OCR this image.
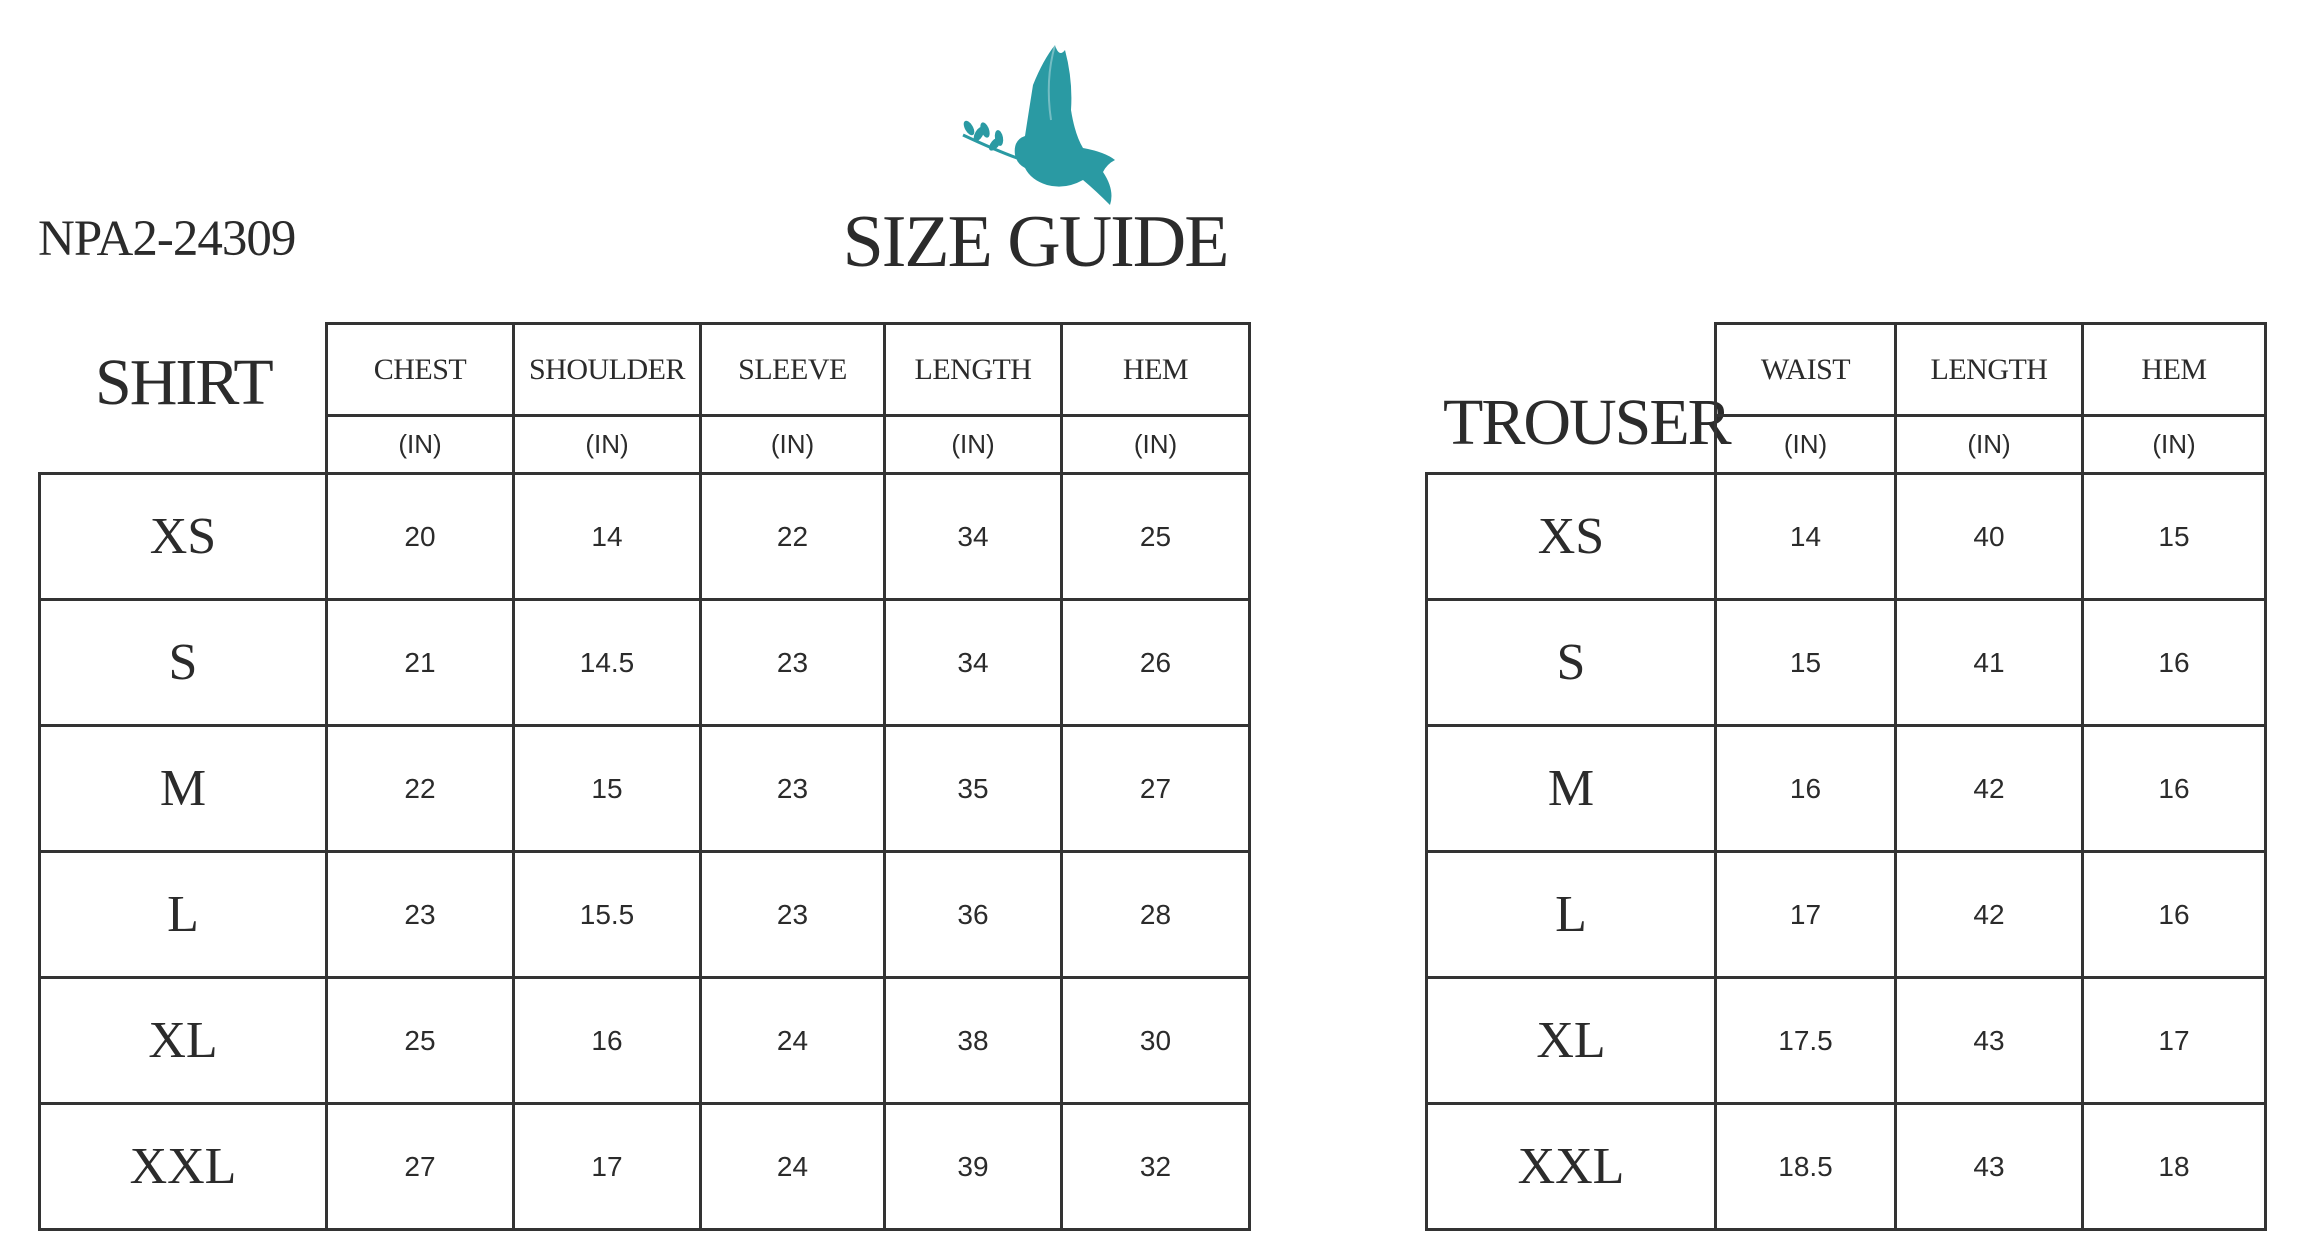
NPA2-24309	SIZE GUIDE
SHIRT
TROUSER
	CHEST	SHOULDER	SLEEVE	LENGTH	HEM
	(IN)	(IN)	(IN)	(IN)	(IN)
XS	20	14	22	34	25
S	21	14.5	23	34	26
M	22	15	23	35	27
L	23	15.5	23	36	28
XL	25	16	24	38	30
XXL	27	17	24	39	32
	WAIST	LENGTH	HEM
	(IN)	(IN)	(IN)
XS	14	40	15
S	15	41	16
M	16	42	16
L	17	42	16
XL	17.5	43	17
XXL	18.5	43	18
